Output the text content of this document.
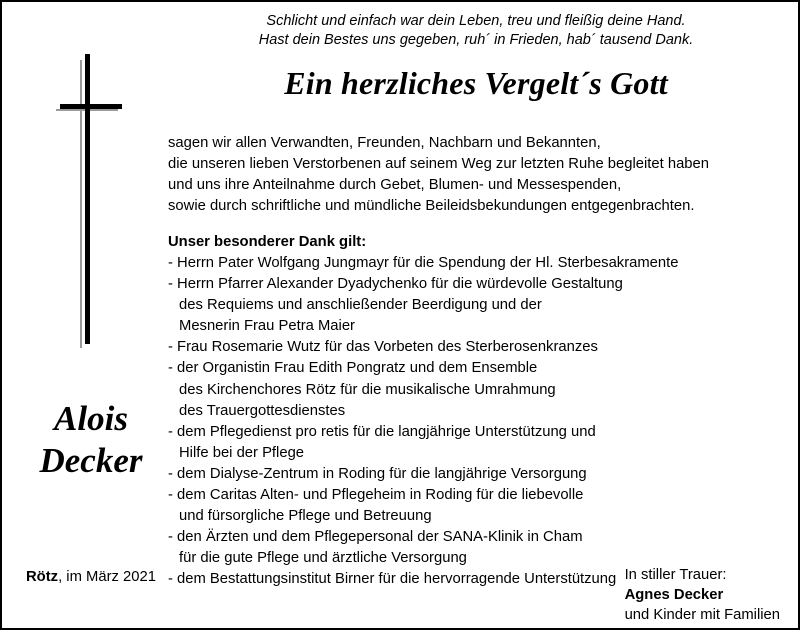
Schlicht und einfach war dein Leben, treu und fleißig deine Hand.
Hast dein Bestes uns gegeben, ruh´ in Frieden, hab´ tausend Dank.
Ein herzliches Vergelt´s Gott
Alois
Decker
sagen wir allen Verwandten, Freunden, Nachbarn und Bekannten,
die unseren lieben Verstorbenen auf seinem Weg zur letzten Ruhe begleitet haben
und uns ihre Anteilnahme durch Gebet, Blumen- und Messespenden,
sowie durch schriftliche und mündliche Beileidsbekundungen entgegenbrachten.
Unser besonderer Dank gilt:
- Herrn Pater Wolfgang Jungmayr für die Spendung der Hl. Sterbesakramente
- Herrn Pfarrer Alexander Dyadychenko für die würdevolle Gestaltung
des Requiems und anschließender Beerdigung und der
Mesnerin Frau Petra Maier
- Frau Rosemarie Wutz für das Vorbeten des Sterberosenkranzes
- der Organistin Frau Edith Pongratz und dem Ensemble
des Kirchenchores Rötz für die musikalische Umrahmung
des Trauergottesdienstes
- dem Pflegedienst pro retis für die langjährige Unterstützung und
Hilfe bei der Pflege
- dem Dialyse-Zentrum in Roding für die langjährige Versorgung
- dem Caritas Alten- und Pflegeheim in Roding für die liebevolle
und fürsorgliche Pflege und Betreuung
- den Ärzten und dem Pflegepersonal der SANA-Klinik in Cham
für die gute Pflege und ärztliche Versorgung
- dem Bestattungsinstitut Birner für die hervorragende Unterstützung
Rötz, im März 2021	In stiller Trauer:
Agnes Decker
und Kinder mit Familien
